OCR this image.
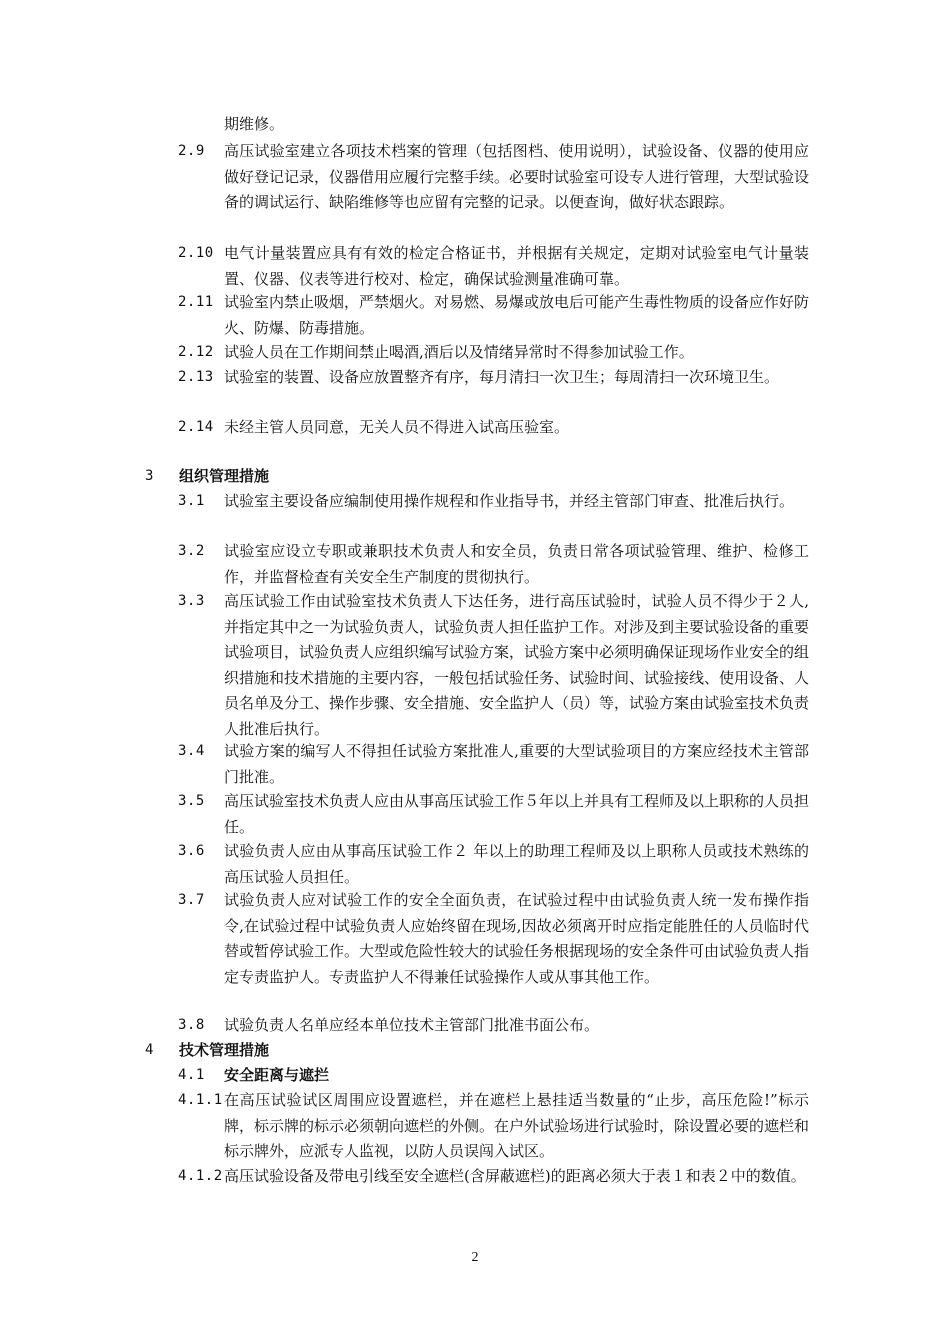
期维修。
2.9	高压试验室建立各项技术档案的管理（包括图档、使用说明），试验设备、仪器的使用应做好登记记录，仪器借用应履行完整手续。必要时试验室可设专人进行管理，大型试验设备的调试运行、缺陷维修等也应留有完整的记录。以便查询，做好状态跟踪。
2.10 电气计量装置应具有有效的检定合格证书，并根据有关规定，定期对试验室电气计量装置、仪器、仪表等进行校对、检定，确保试验测量准确可靠。
2.11 试验室内禁止吸烟，严禁烟火。对易燃、易爆或放电后可能产生毒性物质的设备应作好防火、防爆、防毒措施。
2.12 试验人员在工作期间禁止喝酒,酒后以及情绪异常时不得参加试验工作。
2.13 试验室的装置、设备应放置整齐有序，每月清扫一次卫生；每周清扫一次环境卫生。
2.14 未经主管人员同意，无关人员不得进入试高压验室。
3	组织管理措施
3.1	试验室主要设备应编制使用操作规程和作业指导书，并经主管部门审查、批准后执行。
3.2	试验室应设立专职或兼职技术负责人和安全员，负责日常各项试验管理、维护、检修工作，并监督检查有关安全生产制度的贯彻执行。
3.3	高压试验工作由试验室技术负责人下达任务，进行高压试验时，试验人员不得少于２人,并指定其中之一为试验负责人，试验负责人担任监护工作。对涉及到主要试验设备的重要试验项目，试验负责人应组织编写试验方案，试验方案中必须明确保证现场作业安全的组织措施和技术措施的主要内容，一般包括试验任务、试验时间、试验接线、使用设备、人员名单及分工、操作步骤、安全措施、安全监护人（员）等，试验方案由试验室技术负责人批准后执行。
3.4	试验方案的编写人不得担任试验方案批准人,重要的大型试验项目的方案应经技术主管部门批准。
3.5	高压试验室技术负责人应由从事高压试验工作５年以上并具有工程师及以上职称的人员担任。
3.6	试验负责人应由从事高压试验工作２ 年以上的助理工程师及以上职称人员或技术熟练的高压试验人员担任。
3.7	试验负责人应对试验工作的安全全面负责，在试验过程中由试验负责人统一发布操作指令,在试验过程中试验负责人应始终留在现场,因故必须离开时应指定能胜任的人员临时代替或暂停试验工作。大型或危险性较大的试验任务根据现场的安全条件可由试验负责人指定专责监护人。专责监护人不得兼任试验操作人或从事其他工作。
3.8	试验负责人名单应经本单位技术主管部门批准书面公布。
4	技术管理措施
4.1	安全距离与遮拦
4.1.1 在高压试验试区周围应设置遮栏，并在遮栏上悬挂适当数量的“止步，高压危险!”标示牌，标示牌的标示必须朝向遮栏的外侧。在户外试验场进行试验时，除设置必要的遮栏和标示牌外，应派专人监视，以防人员误闯入试区。
4.1.2 高压试验设备及带电引线至安全遮栏(含屏蔽遮栏)的距离必须大于表１和表２中的数值。
2
